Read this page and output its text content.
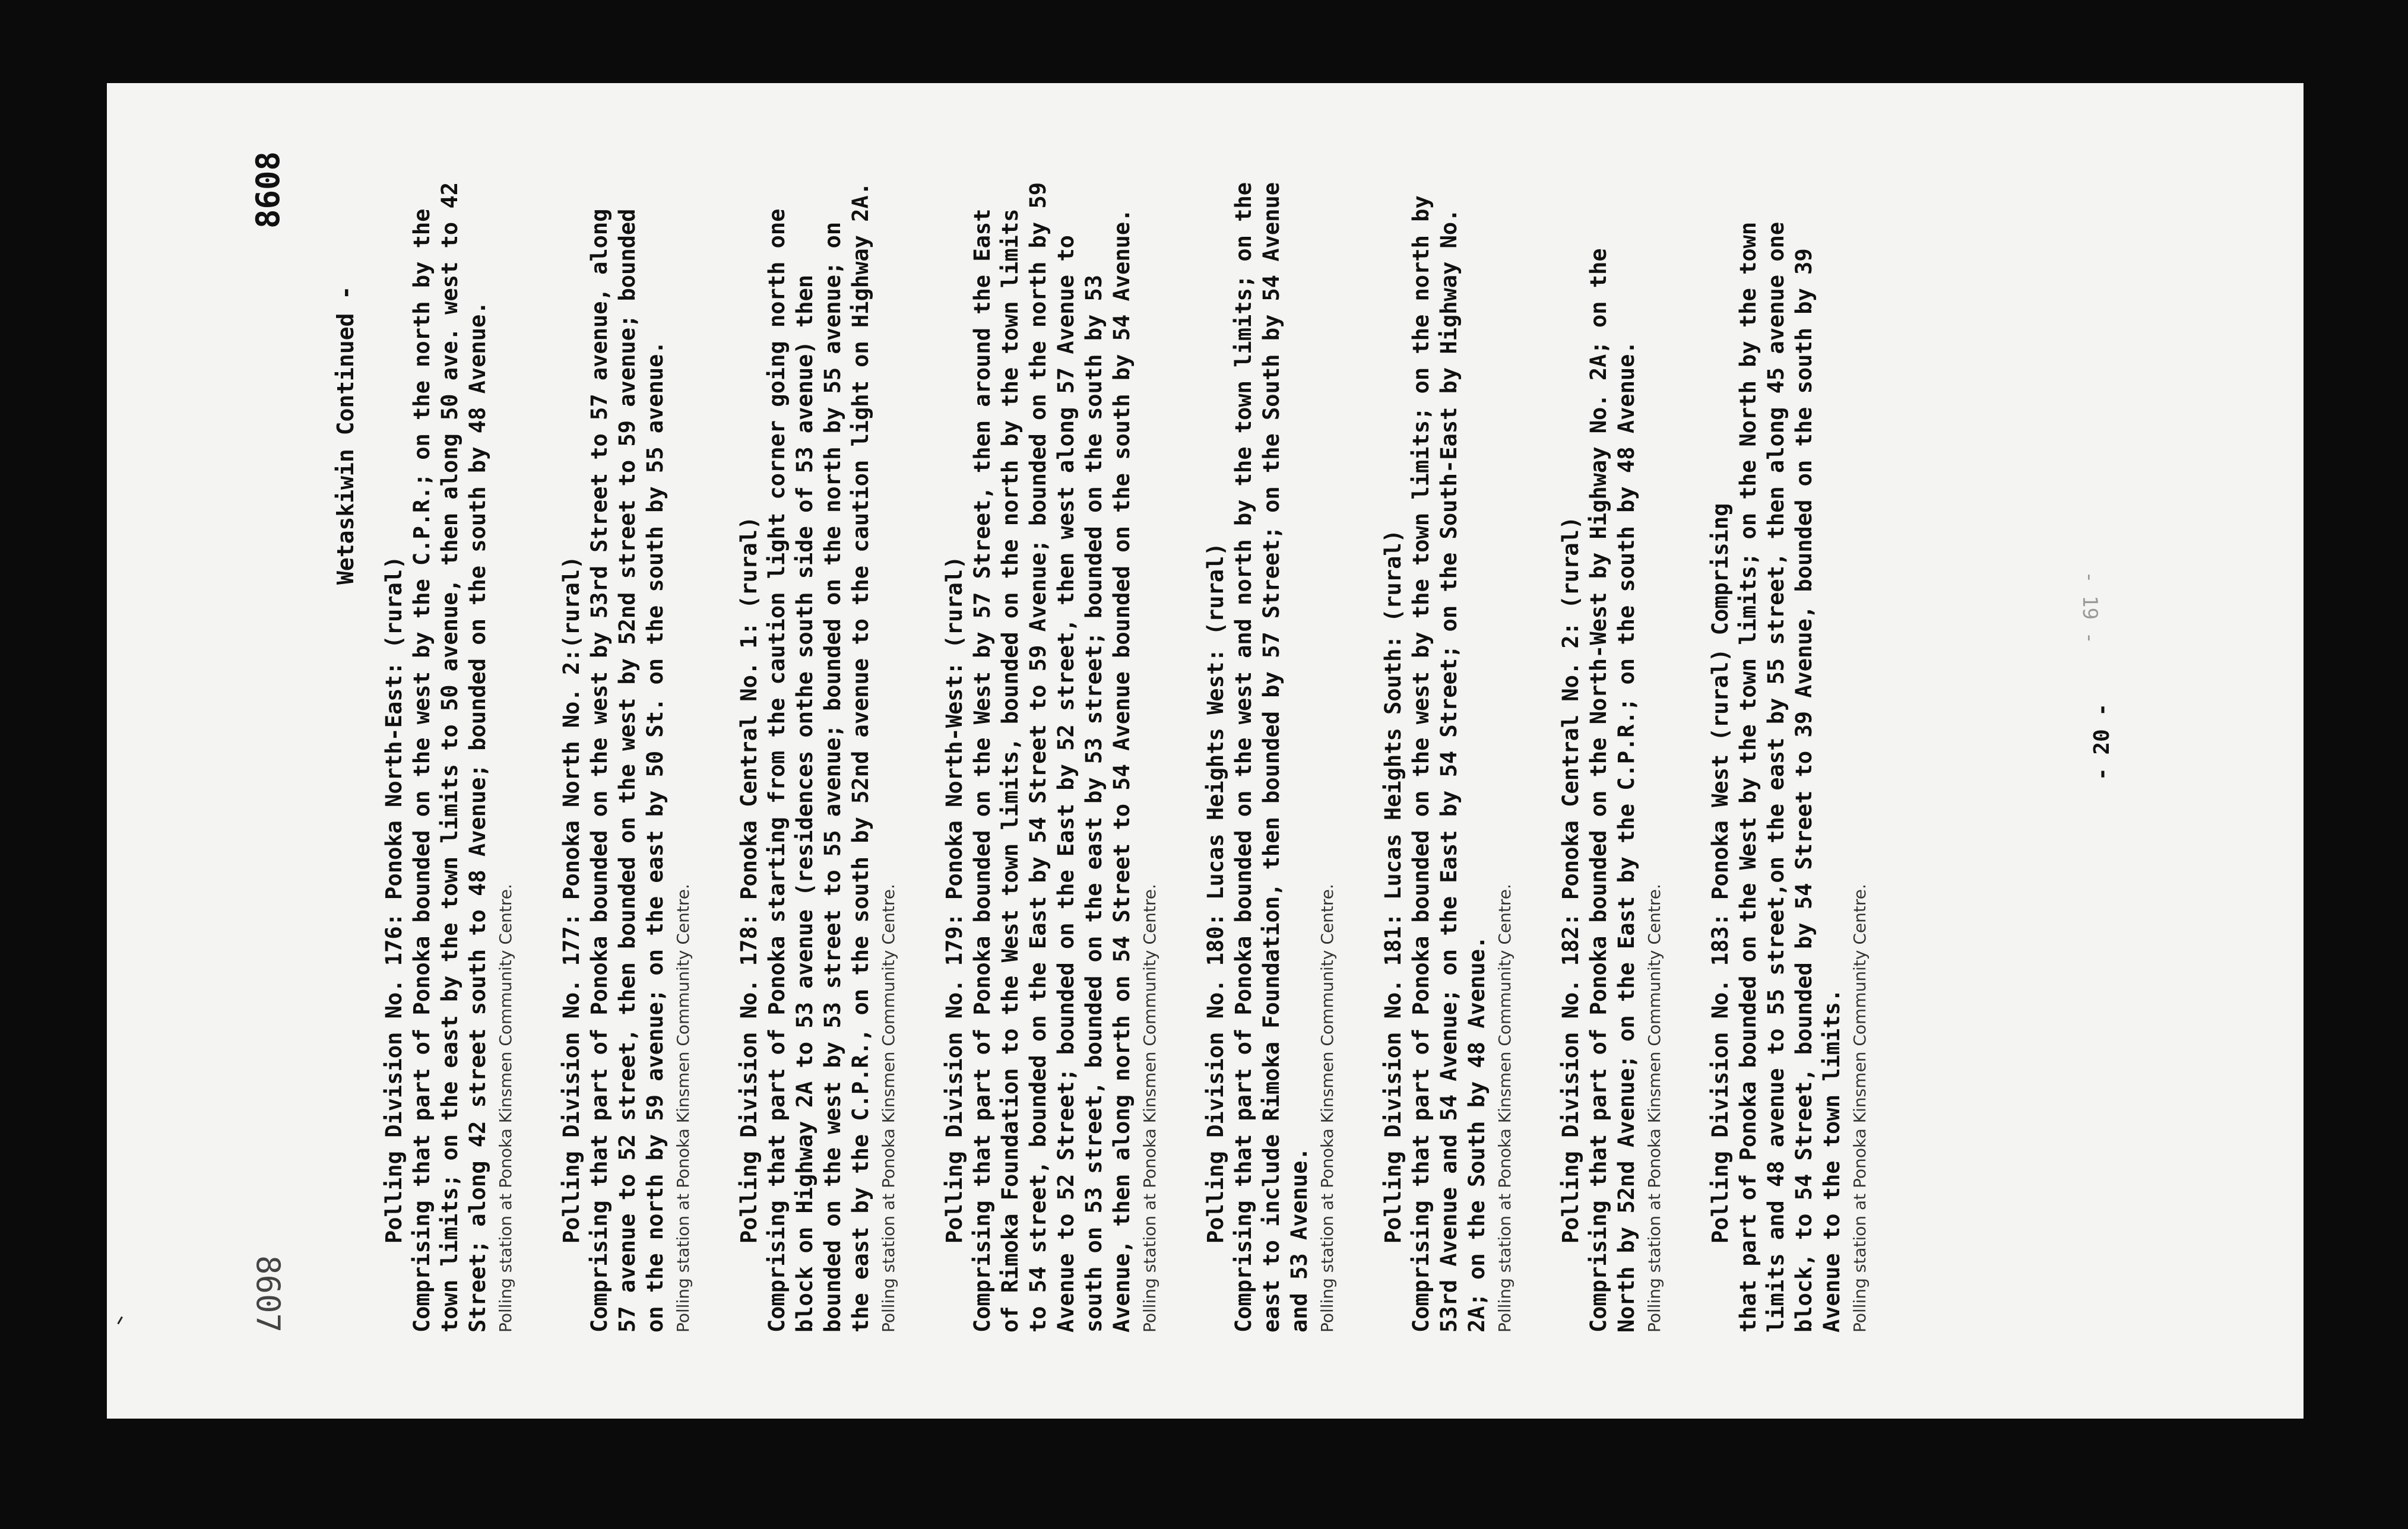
8608
8607
Wetaskiwin Continued -

Polling Division No. 176: Ponoka North-East: (rural) Comprising that part of Ponoka bounded on the west by the C.P.R.; on the north by the town limits; on the east by the town limits to 50 avenue, then along 50 ave. west to 42 Street; along 42 street south to 48 Avenue; bounded on the south by 48 Avenue. Polling station at Ponoka Kinsmen Community Centre. Polling Division No. 177: Ponoka North No. 2:(rural) Comprising that part of Ponoka bounded on the west by 53rd Street to 57 avenue, along 57 avenue to 52 street, then bounded on the west by 52nd street to 59 avenue; bounded on the north by 59 avenue; on the east by 50 St. on the south by 55 avenue. Polling station at Ponoka Kinsmen Community Centre. Polling Division No. 178: Ponoka Central No. 1: (rural) Comprising that part of Ponoka starting from the caution light corner going north one block on Highway 2A to 53 avenue (residences onthe south side of 53 avenue) then bounded on the west by 53 street to 55 avenue; bounded on the north by 55 avenue; on the east by the C.P.R., on the south by 52nd avenue to the caution light on Highway 2A. Polling station at Ponoka Kinsmen Community Centre. Polling Division No. 179: Ponoka North-West: (rural) Comprising that part of Ponoka bounded on the West by 57 Street, then around the East of Rimoka Foundation to the West town limits, bounded on the north by the town limits to 54 street, bounded on the East by 54 Street to 59 Avenue; bounded on the north by 59 Avenue to 52 Street; bounded on the East by 52 street, then west along 57 Avenue to south on 53 street, bounded on the east by 53 street; bounded on the south by 53 Avenue, then along north on 54 Street to 54 Avenue bounded on the south by 54 Avenue. Polling station at Ponoka Kinsmen Community Centre. Polling Division No. 180: Lucas Heights West: (rural) Comprising that part of Ponoka bounded on the west and north by the town limits; on the east to include Rimoka Foundation, then bounded by 57 Street; on the South by 54 Avenue and 53 Avenue. Polling station at Ponoka Kinsmen Community Centre. Polling Division No. 181: Lucas Heights South: (rural) Comprising that part of Ponoka bounded on the west by the town limits; on the north by 53rd Avenue and 54 Avenue; on the East by 54 Street; on the South-East by Highway No. 2A; on the South by 48 Avenue. Polling station at Ponoka Kinsmen Community Centre. Polling Division No. 182: Ponoka Central No. 2: (rural) Comprising that part of Ponoka bounded on the North-West by Highway No. 2A; on the North by 52nd Avenue; on the East by the C.P.R.; on the south by 48 Avenue. Polling station at Ponoka Kinsmen Community Centre. Polling Division No. 183: Ponoka West (rural) Comprising that part of Ponoka bounded on the West by the town limits; on the North by the town limits and 48 avenue to 55 street,on the east by 55 street, then along 45 avenue one block, to 54 Street, bounded by 54 Street to 39 Avenue, bounded on the south by 39 Avenue to the town limits. Polling station at Ponoka Kinsmen Community Centre.

- 20 -
- 19 -
